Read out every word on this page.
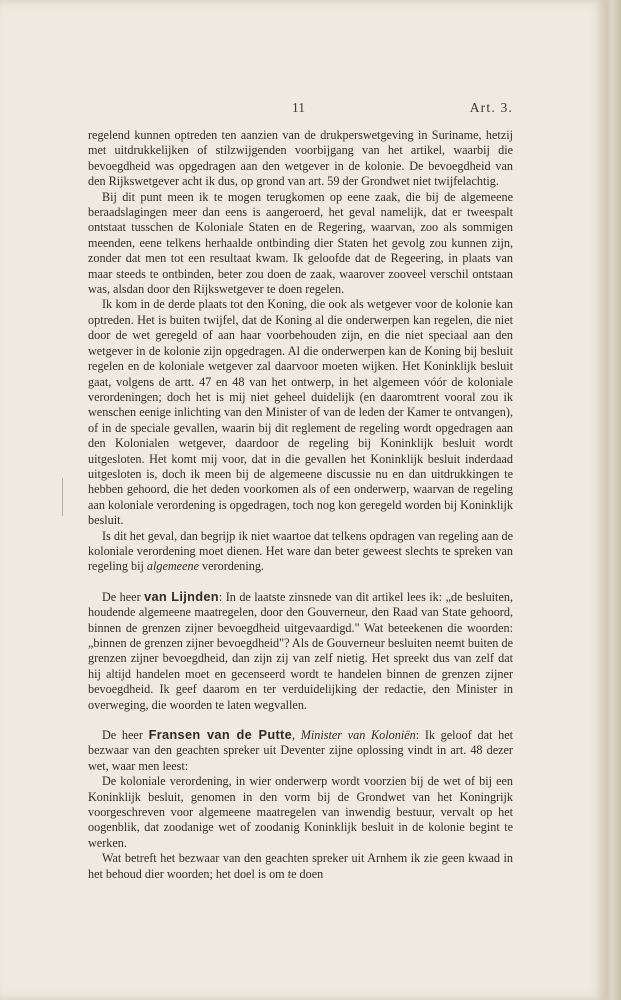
11	Art. 3.

regelend kunnen optreden ten aanzien van de drukperswetgeving in Suriname, hetzij met uitdrukkelijken of stilzwijgenden voorbijgang van het artikel, waarbij die bevoegdheid was opgedragen aan den wetgever in de kolonie. De bevoegdheid van den Rijkswetgever acht ik dus, op grond van art. 59 der Grondwet niet twijfelachtig.

Bij dit punt meen ik te mogen terugkomen op eene zaak, die bij de algemeene beraadslagingen meer dan eens is aangeroerd, het geval namelijk, dat er tweespalt ontstaat tusschen de Koloniale Staten en de Regering, waarvan, zoo als sommigen meenden, eene telkens herhaalde ontbinding dier Staten het gevolg zou kunnen zijn, zonder dat men tot een resultaat kwam. Ik geloofde dat de Regeering, in plaats van maar steeds te ontbinden, beter zou doen de zaak, waarover zooveel verschil ontstaan was, alsdan door den Rijkswetgever te doen regelen.

Ik kom in de derde plaats tot den Koning, die ook als wetgever voor de kolonie kan optreden. Het is buiten twijfel, dat de Koning al die onderwerpen kan regelen, die niet door de wet geregeld of aan haar voorbehouden zijn, en die niet speciaal aan den wetgever in de kolonie zijn opgedragen. Al die onderwerpen kan de Koning bij besluit regelen en de koloniale wetgever zal daarvoor moeten wijken. Het Koninklijk besluit gaat, volgens de artt. 47 en 48 van het ontwerp, in het algemeen vóór de koloniale verordeningen; doch het is mij niet geheel duidelijk (en daaromtrent vooral zou ik wenschen eenige inlichting van den Minister of van de leden der Kamer te ontvangen), of in de speciale gevallen, waarin bij dit reglement de regeling wordt opgedragen aan den Kolonialen wetgever, daardoor de regeling bij Koninklijk besluit wordt uitgesloten. Het komt mij voor, dat in die gevallen het Koninklijk besluit inderdaad uitgesloten is, doch ik meen bij de algemeene discussie nu en dan uitdrukkingen te hebben gehoord, die het deden voorkomen als of een onderwerp, waarvan de regeling aan koloniale verordening is opgedragen, toch nog kon geregeld worden bij Koninklijk besluit.

Is dit het geval, dan begrijp ik niet waartoe dat telkens opdragen van regeling aan de koloniale verordening moet dienen. Het ware dan beter geweest slechts te spreken van regeling bij algemeene verordening.

De heer van Lijnden: In de laatste zinsnede van dit artikel lees ik: „de besluiten, houdende algemeene maatregelen, door den Gouverneur, den Raad van State gehoord, binnen de grenzen zijner bevoegdheid uitgevaardigd." Wat beteekenen die woorden: „binnen de grenzen zijner bevoegdheid"? Als de Gouverneur besluiten neemt buiten de grenzen zijner bevoegdheid, dan zijn zij van zelf nietig. Het spreekt dus van zelf dat hij altijd handelen moet en gecenseerd wordt te handelen binnen de grenzen zijner bevoegdheid. Ik geef daarom en ter verduidelijking der redactie, den Minister in overweging, die woorden te laten wegvallen.

De heer Fransen van de Putte, Minister van Koloniën: Ik geloof dat het bezwaar van den geachten spreker uit Deventer zijne oplossing vindt in art. 48 dezer wet, waar men leest:

De koloniale verordening, in wier onderwerp wordt voorzien bij de wet of bij een Koninklijk besluit, genomen in den vorm bij de Grondwet van het Koningrijk voorgeschreven voor algemeene maatregelen van inwendig bestuur, vervalt op het oogenblik, dat zoodanige wet of zoodanig Koninklijk besluit in de kolonie begint te werken.

Wat betreft het bezwaar van den geachten spreker uit Arnhem ik zie geen kwaad in het behoud dier woorden; het doel is om te doen
